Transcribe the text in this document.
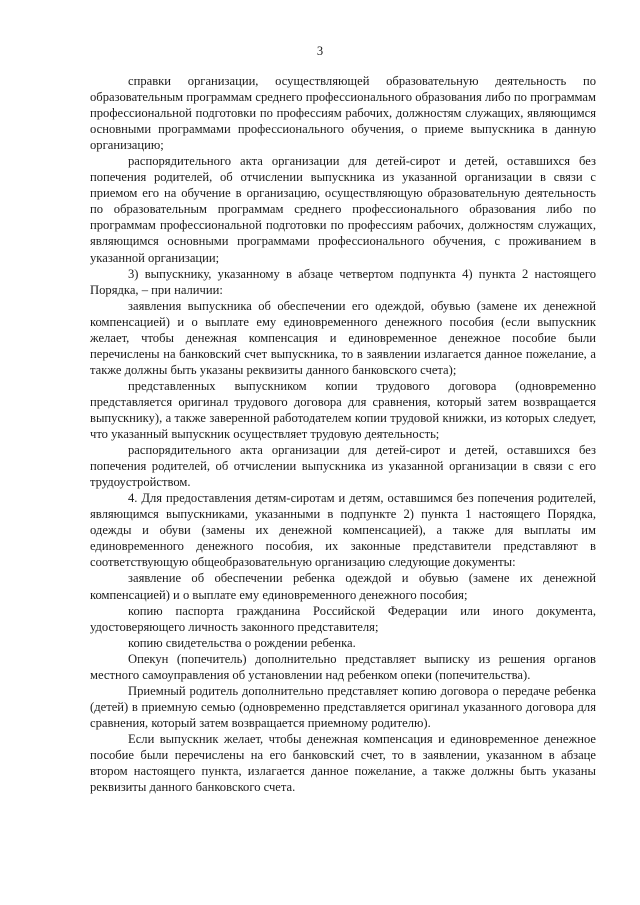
3

справки организации, осуществляющей образовательную деятельность по образовательным программам среднего профессионального образования либо по программам профессиональной подготовки по профессиям рабочих, должностям служащих, являющимся основными программами профессионального обучения, о приеме выпускника в данную организацию;

распорядительного акта организации для детей-сирот и детей, оставшихся без попечения родителей, об отчислении выпускника из указанной организации в связи с приемом его на обучение в организацию, осуществляющую образовательную деятельность по образовательным программам среднего профессионального образования либо по программам профессиональной подготовки по профессиям рабочих, должностям служащих, являющимся основными программами профессионального обучения, с проживанием в указанной организации;

3) выпускнику, указанному в абзаце четвертом подпункта 4) пункта 2 настоящего Порядка, – при наличии:

заявления выпускника об обеспечении его одеждой, обувью (замене их денежной компенсацией) и о выплате ему единовременного денежного пособия (если выпускник желает, чтобы денежная компенсация и единовременное денежное пособие были перечислены на банковский счет выпускника, то в заявлении излагается данное пожелание, а также должны быть указаны реквизиты данного банковского счета);

представленных выпускником копии трудового договора (одновременно представляется оригинал трудового договора для сравнения, который затем возвращается выпускнику), а также заверенной работодателем копии трудовой книжки, из которых следует, что указанный выпускник осуществляет трудовую деятельность;

распорядительного акта организации для детей-сирот и детей, оставшихся без попечения родителей, об отчислении выпускника из указанной организации в связи с его трудоустройством.

4. Для предоставления детям-сиротам и детям, оставшимся без попечения родителей, являющимся выпускниками, указанными в подпункте 2) пункта 1 настоящего Порядка, одежды и обуви (замены их денежной компенсацией), а также для выплаты им единовременного денежного пособия, их законные представители представляют в соответствующую общеобразовательную организацию следующие документы:

заявление об обеспечении ребенка одеждой и обувью (замене их денежной компенсацией) и о выплате ему единовременного денежного пособия;

копию паспорта гражданина Российской Федерации или иного документа, удостоверяющего личность законного представителя;

копию свидетельства о рождении ребенка.

Опекун (попечитель) дополнительно представляет выписку из решения органов местного самоуправления об установлении над ребенком опеки (попечительства).

Приемный родитель дополнительно представляет копию договора о передаче ребенка (детей) в приемную семью (одновременно представляется оригинал указанного договора для сравнения, который затем возвращается приемному родителю).

Если выпускник желает, чтобы денежная компенсация и единовременное денежное пособие были перечислены на его банковский счет, то в заявлении, указанном в абзаце втором настоящего пункта, излагается данное пожелание, а также должны быть указаны реквизиты данного банковского счета.
